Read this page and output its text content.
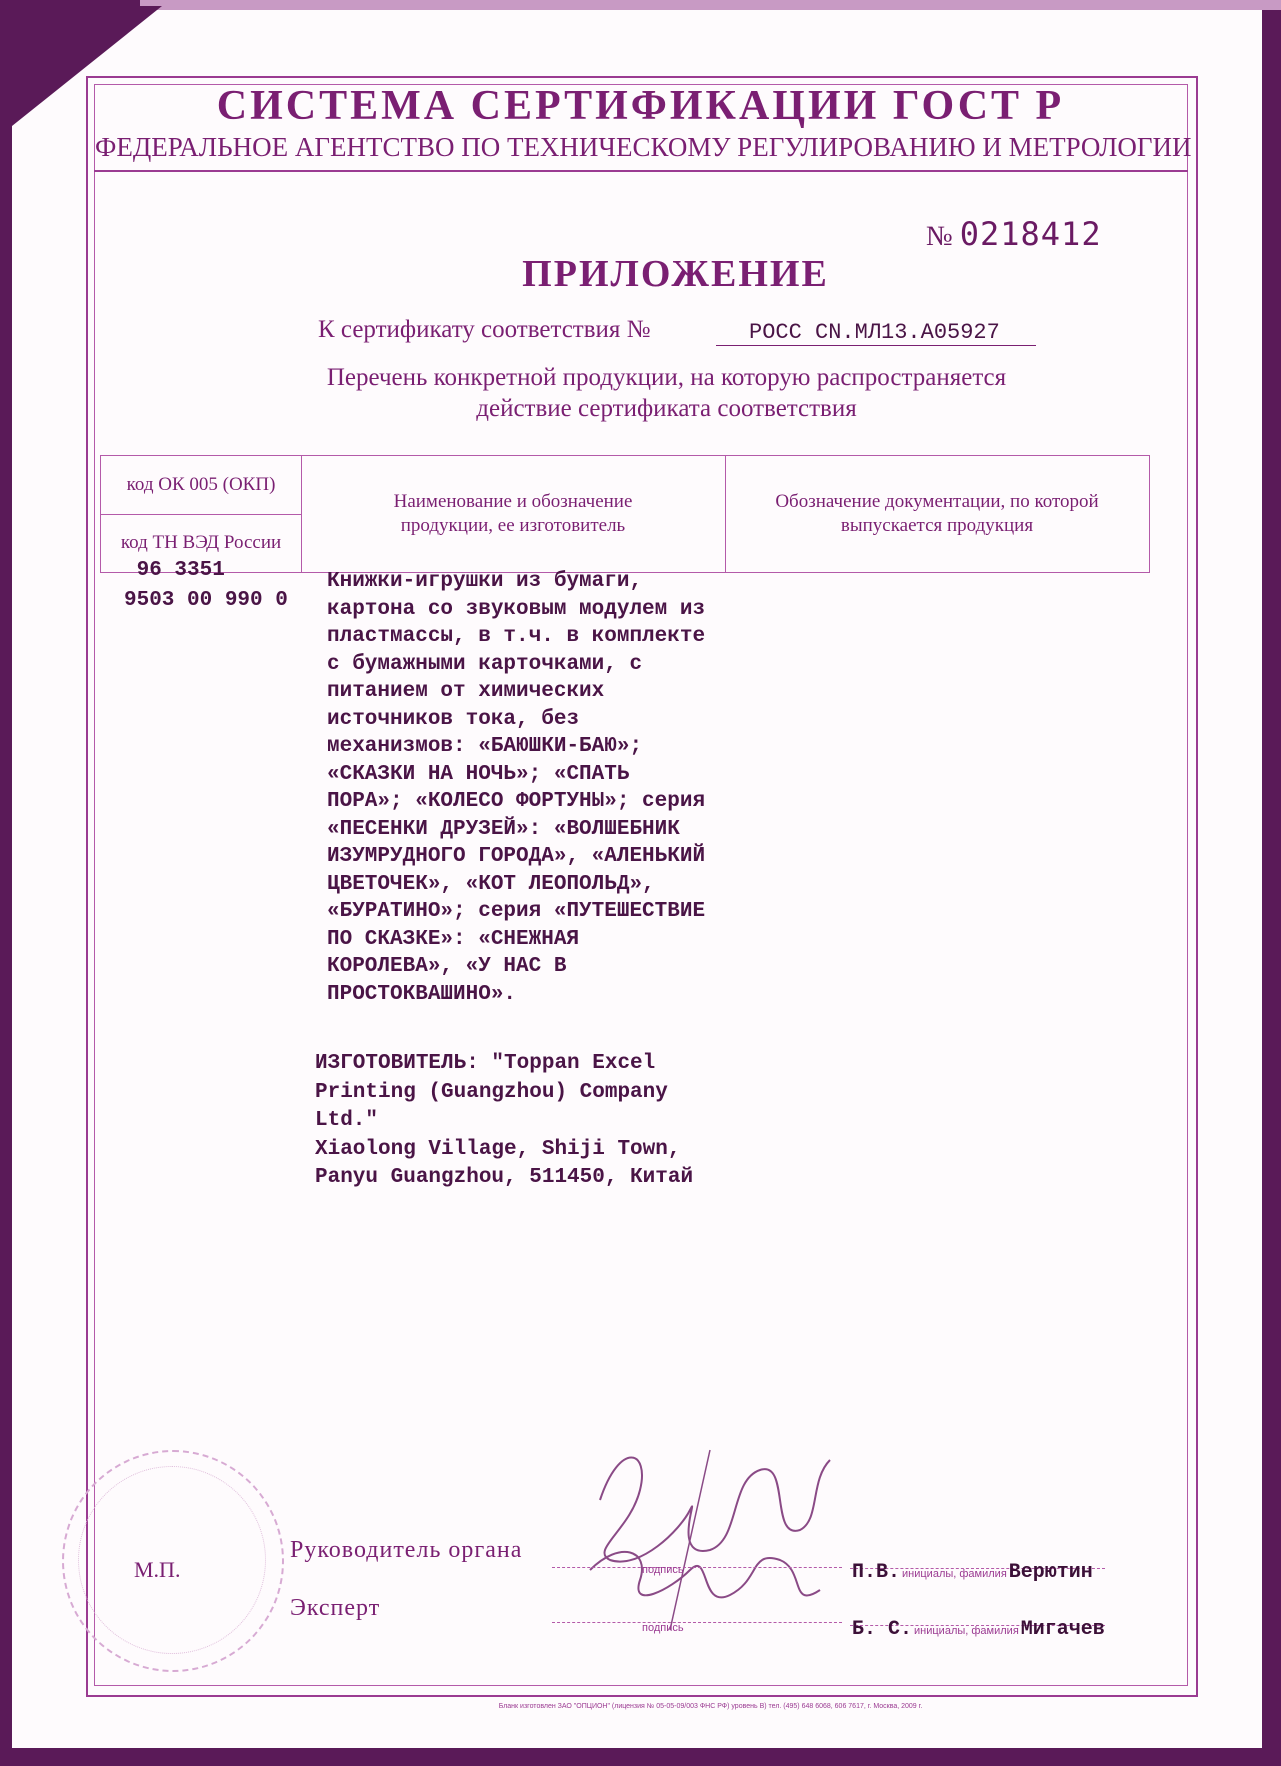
СИСТЕМА СЕРТИФИКАЦИИ ГОСТ Р
ФЕДЕРАЛЬНОЕ АГЕНТСТВО ПО ТЕХНИЧЕСКОМУ РЕГУЛИРОВАНИЮ И МЕТРОЛОГИИ
№ 0218412
ПРИЛОЖЕНИЕ
К сертификату соответствия №	РОСС CN.МЛ13.А05927
Перечень конкретной продукции, на которую распространяется
действие сертификата соответствия
код ОК 005 (ОКП)
код ТН ВЭД России
Наименование и обозначение продукции, ее изготовитель
Обозначение документации, по которой выпускается продукция
96 3351
9503 00 990 0
Книжки-игрушки из бумаги,
картона со звуковым модулем из
пластмассы, в т.ч. в комплекте
с бумажными карточками, с
питанием от химических
источников тока, без
механизмов: «БАЮШКИ-БАЮ»;
«СКАЗКИ НА НОЧЬ»; «СПАТЬ
ПОРА»; «КОЛЕСО ФОРТУНЫ»; серия
«ПЕСЕНКИ ДРУЗЕЙ»: «ВОЛШЕБНИК
ИЗУМРУДНОГО ГОРОДА», «АЛЕНЬКИЙ
ЦВЕТОЧЕК», «КОТ ЛЕОПОЛЬД»,
«БУРАТИНО»; серия «ПУТЕШЕСТВИЕ
ПО СКАЗКЕ»: «СНЕЖНАЯ
КОРОЛЕВА», «У НАС В
ПРОСТОКВАШИНО».
ИЗГОТОВИТЕЛЬ: "Toppan Excel
Printing (Guangzhou) Company
Ltd."
Xiaolong Village, Shiji Town,
Panyu Guangzhou, 511450, Китай
М.П.
Руководитель органа
Эксперт
подпись
подпись
П.В. инициалы, фамилия Верютин
Б. С. инициалы, фамилия Мигачев
Бланк изготовлен ЗАО "ОПЦИОН" (лицензия № 05-05-09/003 ФНС РФ) уровень В) тел. (495) 648 6068, 606 7617, г. Москва, 2009 г.
